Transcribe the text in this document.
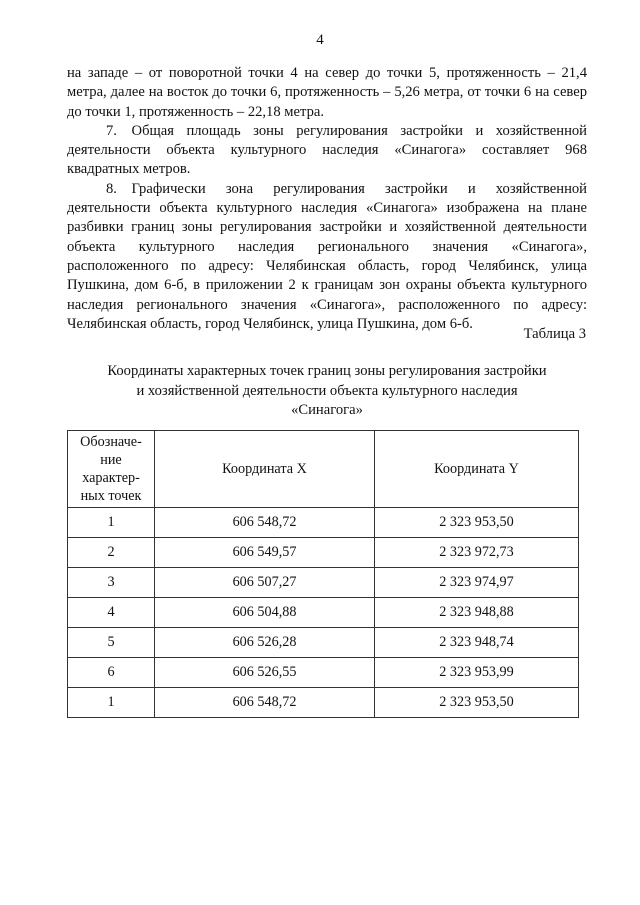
4

на западе – от поворотной точки 4 на север до точки 5, протяженность – 21,4 метра, далее на восток до точки 6, протяженность – 5,26 метра, от точки 6 на север до точки 1, протяженность – 22,18 метра.

7. Общая площадь зоны регулирования застройки и хозяйственной деятельности объекта культурного наследия «Синагога» составляет 968 квадратных метров.

8. Графически зона регулирования застройки и хозяйственной деятельности объекта культурного наследия «Синагога» изображена на плане разбивки границ зоны регулирования застройки и хозяйственной деятельности объекта культурного наследия регионального значения «Синагога», расположенного по адресу: Челябинская область, город Челябинск, улица Пушкина, дом 6-б, в приложении 2 к границам зон охраны объекта культурного наследия регионального значения «Синагога», расположенного по адресу: Челябинская область, город Челябинск, улица Пушкина, дом 6-б.

Таблица 3
Координаты характерных точек границ зоны регулирования застройки
и хозяйственной деятельности объекта культурного наследия
«Синагога»
Обозначе-
ние
характер-
ных точек	Координата X	Координата Y
1	606 548,72	2 323 953,50
2	606 549,57	2 323 972,73
3	606 507,27	2 323 974,97
4	606 504,88	2 323 948,88
5	606 526,28	2 323 948,74
6	606 526,55	2 323 953,99
1	606 548,72	2 323 953,50
